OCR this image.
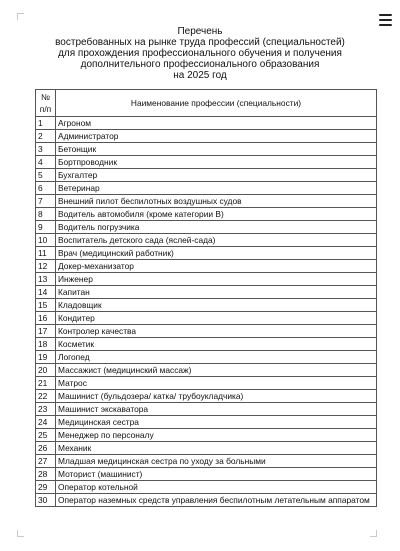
Перечень
востребованных на рынке труда профессий (специальностей)
для прохождения профессионального обучения и получения
дополнительного профессионального образования
на 2025 год
№
п/п	Наименование профессии (специальности)
1	Агроном
2	Администратор
3	Бетонщик
4	Бортпроводник
5	Бухгалтер
6	Ветеринар
7	Внешний пилот беспилотных воздушных судов
8	Водитель автомобиля (кроме категории В)
9	Водитель погрузчика
10	Воспитатель детского сада (яслей-сада)
11	Врач (медицинский работник)
12	Докер-механизатор
13	Инженер
14	Капитан
15	Кладовщик
16	Кондитер
17	Контролер качества
18	Косметик
19	Логопед
20	Массажист (медицинский массаж)
21	Матрос
22	Машинист (бульдозера/ катка/ трубоукладчика)
23	Машинист экскаватора
24	Медицинская сестра
25	Менеджер по персоналу
26	Механик
27	Младшая медицинская сестра по уходу за больными
28	Моторист (машинист)
29	Оператор котельной
30	Оператор наземных средств управления беспилотным летательным аппаратом
